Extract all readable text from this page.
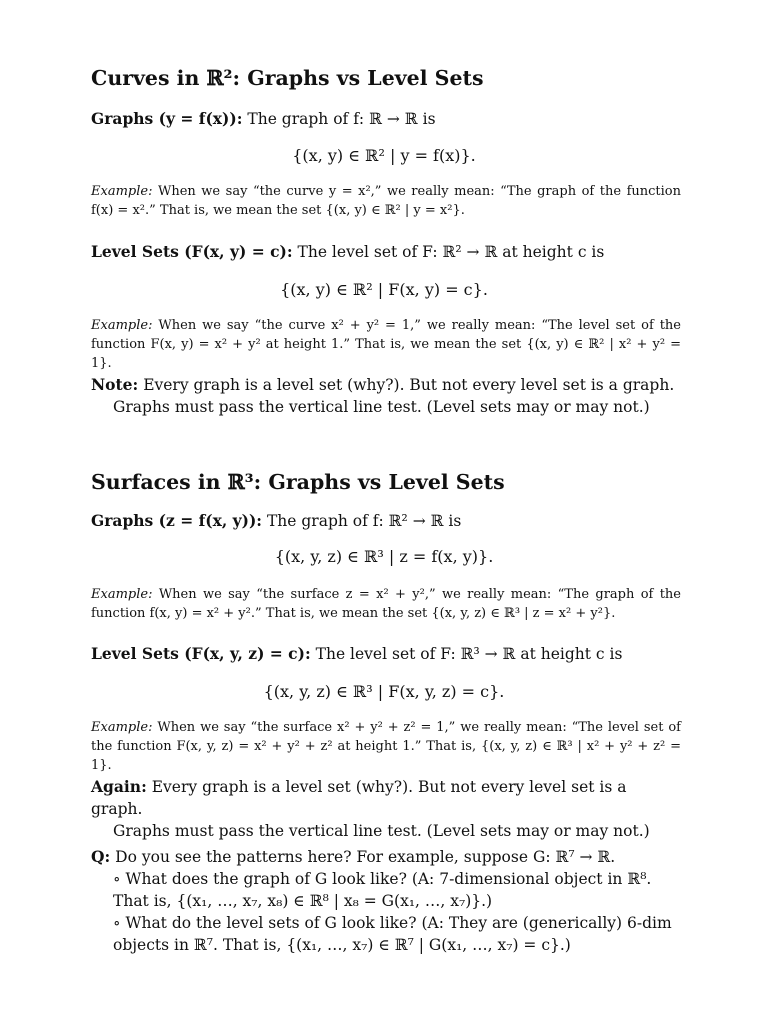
Curves in ℝ²: Graphs vs Level Sets
Graphs (y = f(x)): The graph of f: ℝ → ℝ is
{(x, y) ∈ ℝ² | y = f(x)}.
Example: When we say “the curve y = x²,” we really mean: “The graph of the function f(x) = x².” That is, we mean the set {(x, y) ∈ ℝ² | y = x²}.
Level Sets (F(x, y) = c): The level set of F: ℝ² → ℝ at height c is
{(x, y) ∈ ℝ² | F(x, y) = c}.
Example: When we say “the curve x² + y² = 1,” we really mean: “The level set of the function F(x, y) = x² + y² at height 1.” That is, we mean the set {(x, y) ∈ ℝ² | x² + y² = 1}.
Note: Every graph is a level set (why?). But not every level set is a graph.
Graphs must pass the vertical line test. (Level sets may or may not.)
Surfaces in ℝ³: Graphs vs Level Sets
Graphs (z = f(x, y)): The graph of f: ℝ² → ℝ is
{(x, y, z) ∈ ℝ³ | z = f(x, y)}.
Example: When we say “the surface z = x² + y²,” we really mean: “The graph of the function f(x, y) = x² + y².” That is, we mean the set {(x, y, z) ∈ ℝ³ | z = x² + y²}.
Level Sets (F(x, y, z) = c): The level set of F: ℝ³ → ℝ at height c is
{(x, y, z) ∈ ℝ³ | F(x, y, z) = c}.
Example: When we say “the surface x² + y² + z² = 1,” we really mean: “The level set of the function F(x, y, z) = x² + y² + z² at height 1.” That is, {(x, y, z) ∈ ℝ³ | x² + y² + z² = 1}.
Again: Every graph is a level set (why?). But not every level set is a graph.
Graphs must pass the vertical line test. (Level sets may or may not.)
Q: Do you see the patterns here? For example, suppose G: ℝ⁷ → ℝ.
∘ What does the graph of G look like? (A: 7-dimensional object in ℝ⁸. That is, {(x₁, …, x₇, x₈) ∈ ℝ⁸ | x₈ = G(x₁, …, x₇)}.)
∘ What do the level sets of G look like? (A: They are (generically) 6-dim objects in ℝ⁷. That is, {(x₁, …, x₇) ∈ ℝ⁷ | G(x₁, …, x₇) = c}.)
